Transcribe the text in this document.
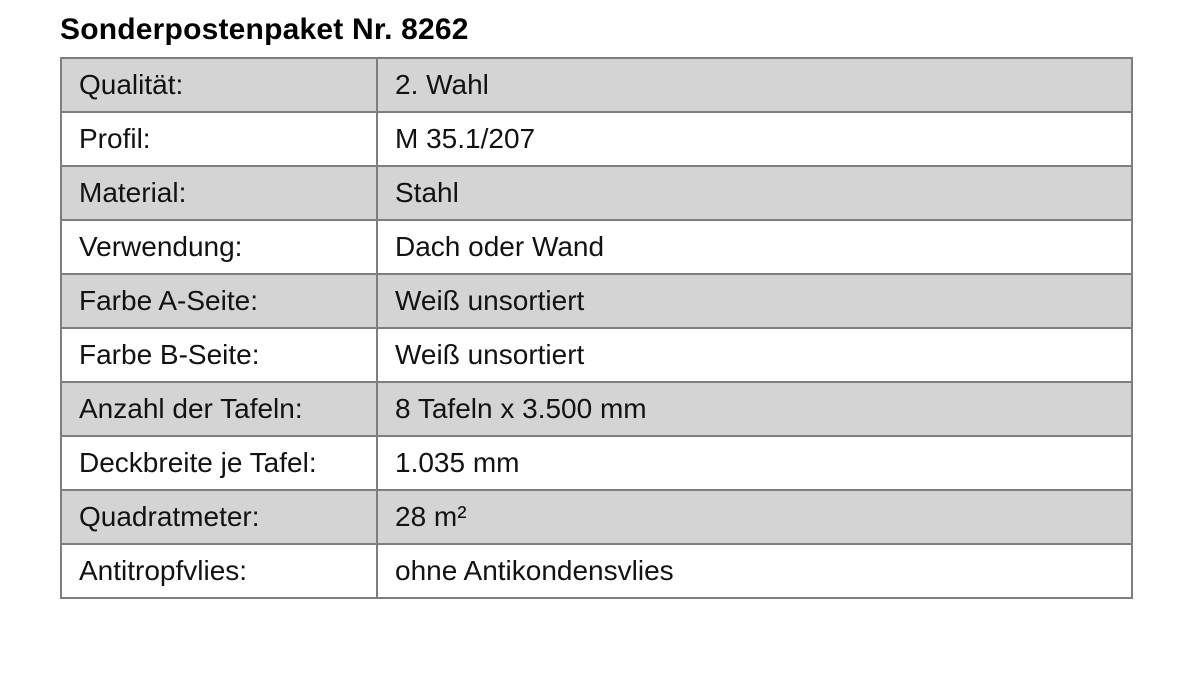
Sonderpostenpaket Nr. 8262
Qualität:	2. Wahl
Profil:	M 35.1/207
Material:	Stahl
Verwendung:	Dach oder Wand
Farbe A-Seite:	Weiß unsortiert
Farbe B-Seite:	Weiß unsortiert
Anzahl der Tafeln:	8 Tafeln x 3.500 mm
Deckbreite je Tafel:	1.035 mm
Quadratmeter:	28 m²
Antitropfvlies:	ohne Antikondensvlies
